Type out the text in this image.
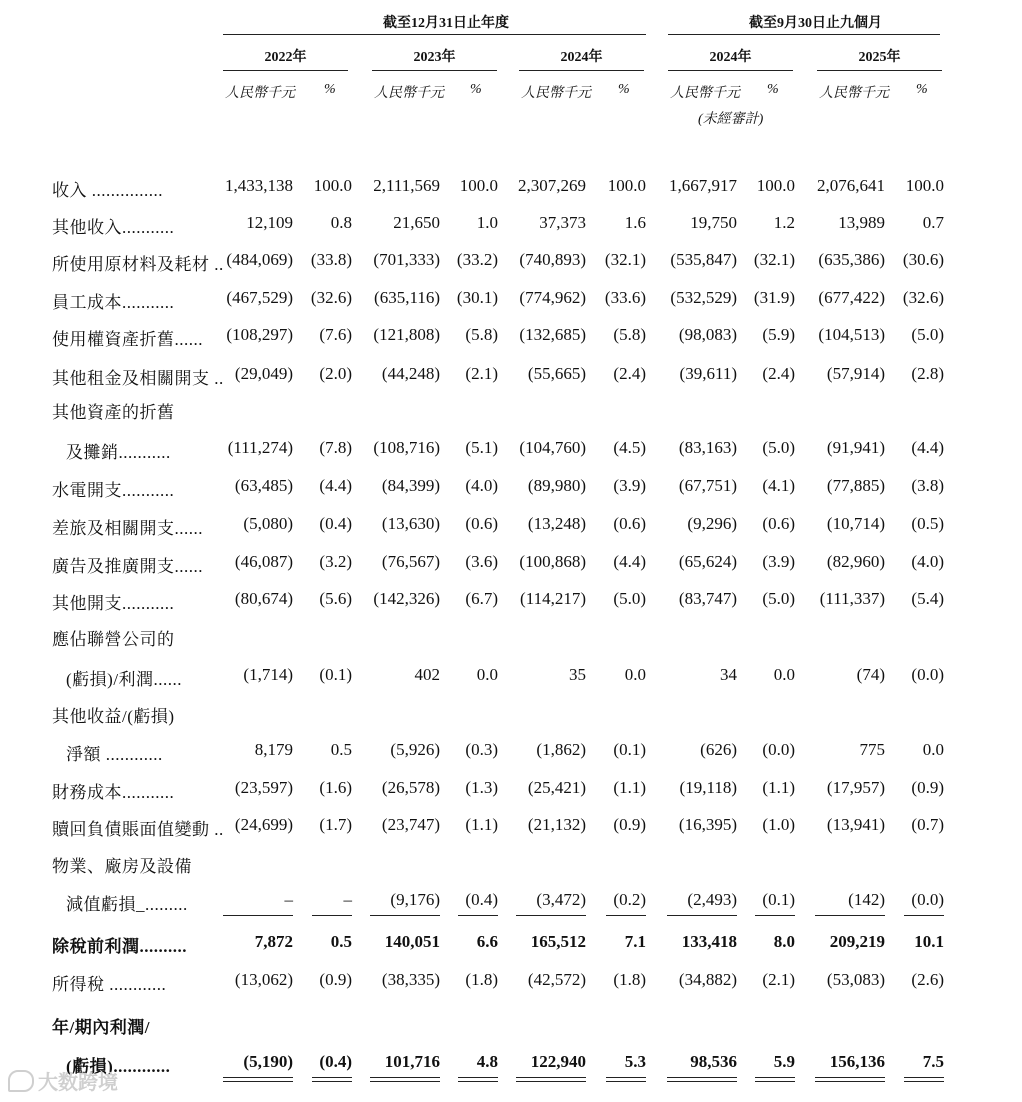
截至12月31日止年度	截至9月30日止九個月
2022年
人民幣千元 %
2023年
人民幣千元 %
2024年
人民幣千元 %
2024年
人民幣千元 %
(未經審計)
2025年
人民幣千元 %
收入 ...............	1,433,138	100.0	2,111,569	100.0	2,307,269	100.0	1,667,917	100.0	2,076,641	100.0
其他收入...........	12,109	0.8	21,650	1.0	37,373	1.6	19,750	1.2	13,989	0.7
所使用原材料及耗材 .. (484,069)	(33.8)	(701,333) (33.2)	(740,893)	(32.1)	(535,847) (32.1)	(635,386)	(30.6)
員工成本...........	(467,529)	(32.6)	(635,116) (30.1)	(774,962)	(33.6)	(532,529) (31.9)	(677,422)	(32.6)
使用權資產折舊......	(108,297)	(7.6)	(121,808)	(5.8)	(132,685)	(5.8)	(98,083)	(5.9)	(104,513)	(5.0)
其他租金及相關開支 .. (29,049)	(2.0)	(44,248)	(2.1)	(55,665)	(2.4)	(39,611)	(2.4)	(57,914)	(2.8)
其他資產的折舊
及攤銷...........	(111,274)	(7.8)	(108,716)	(5.1)	(104,760)	(4.5)	(83,163)	(5.0)	(91,941)	(4.4)
水電開支...........	(63,485)	(4.4)	(84,399)	(4.0)	(89,980)	(3.9)	(67,751)	(4.1)	(77,885)	(3.8)
差旅及相關開支......	(5,080)	(0.4)	(13,630)	(0.6)	(13,248)	(0.6)	(9,296)	(0.6)	(10,714)	(0.5)
廣告及推廣開支......	(46,087)	(3.2)	(76,567)	(3.6)	(100,868)	(4.4)	(65,624)	(3.9)	(82,960)	(4.0)
其他開支...........	(80,674)	(5.6)	(142,326)	(6.7)	(114,217)	(5.0)	(83,747)	(5.0)	(111,337)	(5.4)
應佔聯營公司的
(虧損)/利潤......	(1,714)	(0.1)	402	0.0	35	0.0	34	0.0	(74)	(0.0)
其他收益/(虧損)
淨額 ............	8,179	0.5	(5,926)	(0.3)	(1,862)	(0.1)	(626)	(0.0)	775	0.0
財務成本...........	(23,597)	(1.6)	(26,578)	(1.3)	(25,421)	(1.1)	(19,118)	(1.1)	(17,957)	(0.9)
贖回負債賬面值變動 .. (24,699)	(1.7)	(23,747)	(1.1)	(21,132)	(0.9)	(16,395)	(1.0)	(13,941)	(0.7)
物業、廠房及設備
減值虧損_.........	–	–	(9,176)	(0.4)	(3,472)	(0.2)	(2,493)	(0.1)	(142)	(0.0)
除稅前利潤..........	7,872	0.5	140,051	6.6	165,512	7.1	133,418	8.0	209,219	10.1
所得稅 ............	(13,062)	(0.9)	(38,335)	(1.8)	(42,572)	(1.8)	(34,882)	(2.1)	(53,083)	(2.6)
年/期內利潤/
(虧損)............	(5,190)	(0.4)	101,716	4.8	122,940	5.3	98,536	5.9	156,136	7.5
大数跨境
